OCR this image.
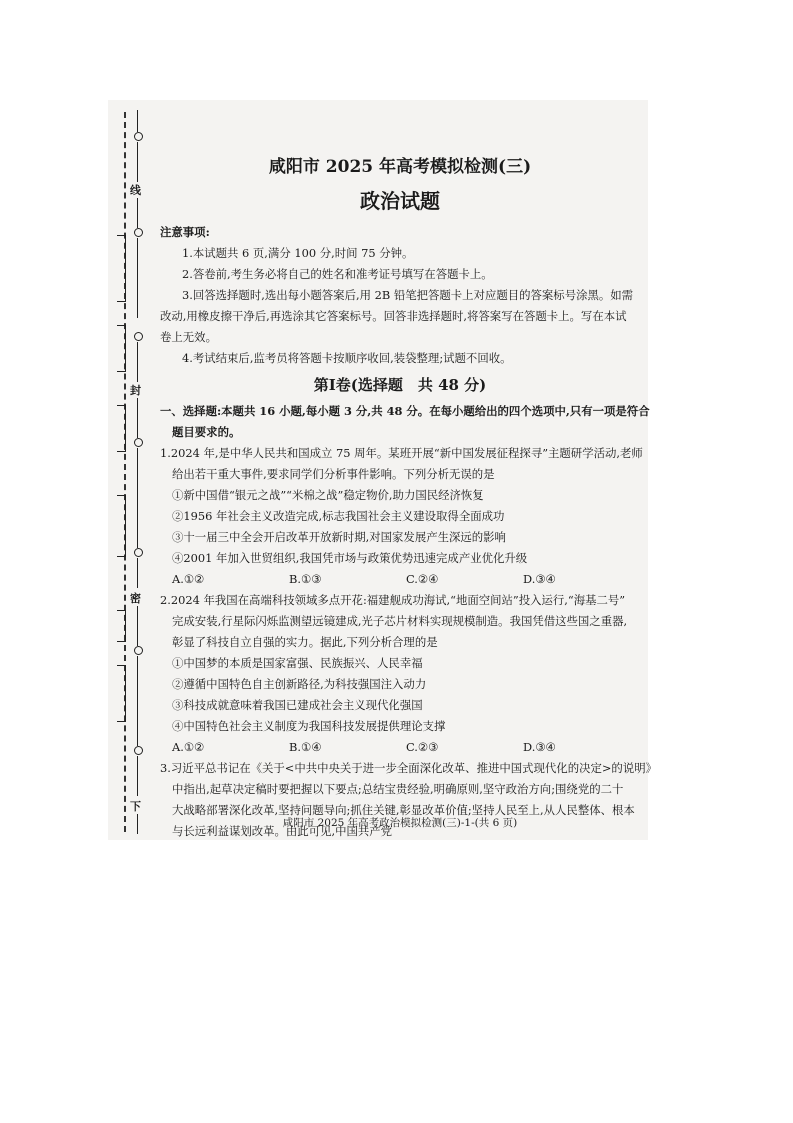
线
封
密
下
咸阳市 2025 年高考模拟检测(三)
政治试题
注意事项:
1.本试题共 6 页,满分 100 分,时间 75 分钟。
2.答卷前,考生务必将自己的姓名和准考证号填写在答题卡上。
3.回答选择题时,选出每小题答案后,用 2B 铅笔把答题卡上对应题目的答案标号涂黑。如需
改动,用橡皮擦干净后,再选涂其它答案标号。回答非选择题时,将答案写在答题卡上。写在本试
卷上无效。
4.考试结束后,监考员将答题卡按顺序收回,装袋整理;试题不回收。
第Ⅰ卷(选择题　共 48 分)
一、选择题:本题共 16 小题,每小题 3 分,共 48 分。在每小题给出的四个选项中,只有一项是符合
题目要求的。
1.2024 年,是中华人民共和国成立 75 周年。某班开展“新中国发展征程探寻”主题研学活动,老师
给出若干重大事件,要求同学们分析事件影响。下列分析无误的是
①新中国借“银元之战”“米棉之战”稳定物价,助力国民经济恢复
②1956 年社会主义改造完成,标志我国社会主义建设取得全面成功
③十一届三中全会开启改革开放新时期,对国家发展产生深远的影响
④2001 年加入世贸组织,我国凭市场与政策优势迅速完成产业优化升级
A.①②	B.①③	C.②④	D.③④
2.2024 年我国在高端科技领域多点开花:福建舰成功海试,“地面空间站”投入运行,“海基二号”
完成安装,行星际闪烁监测望远镜建成,光子芯片材料实现规模制造。我国凭借这些国之重器,
彰显了科技自立自强的实力。据此,下列分析合理的是
①中国梦的本质是国家富强、民族振兴、人民幸福
②遵循中国特色自主创新路径,为科技强国注入动力
③科技成就意味着我国已建成社会主义现代化强国
④中国特色社会主义制度为我国科技发展提供理论支撑
A.①②	B.①④	C.②③	D.③④
3.习近平总书记在《关于<中共中央关于进一步全面深化改革、推进中国式现代化的决定>的说明》
中指出,起草决定稿时要把握以下要点;总结宝贵经验,明确原则,坚守政治方向;围绕党的二十
大战略部署深化改革,坚持问题导向;抓住关键,彰显改革价值;坚持人民至上,从人民整体、根本
与长远利益谋划改革。由此可见,中国共产党
咸阳市 2025 年高考政治模拟检测(三)-1-(共 6 页)
